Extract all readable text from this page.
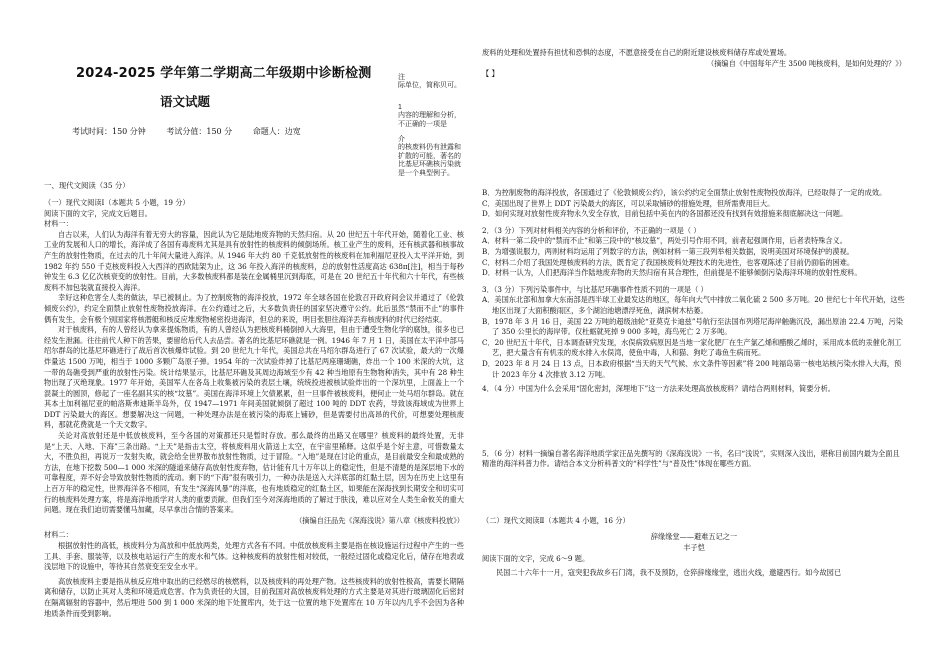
2024-2025 学年第二学期高二年级期中诊断检测
语文试题
考试时间：150 分钟	考试分值：150 分	命题人：边宽
注
际单位，简称贝可。
1
内容的理解和分析，不正确的一项是
介
的核废料仍有泄露和扩散的可能，著名的比基尼环礁核污染就是一个典型例子。

一、现代文阅读（35 分）

（一）现代文阅读Ⅰ（本题共 5 小题，19 分）

阅读下面的文字，完成文后题目。

材料一：

自古以来，人们认为海洋有着无穷大的容量，因此认为它是陆地废弃物的天然归宿。从 20 世纪五十年代开始，随着化工业、核工业的发展和人口的增长，海洋成了各国有毒废料尤其是具有放射性的核废料的倾倒场所。核工业产生的废料，还有核武器和核事故产生的放射性物质，在过去的几十年间大量进入海洋。从 1946 年大约 80 千克低放射性的核废料在加利福尼亚投入太平洋开始，到 1982 年约 550 千克核废料投入大西洋的西欧陆架为止，这 36 年投入海洋的核废料，总的放射性活度高达 638π[注]，相当于每秒钟发生 6.3 亿亿次核衰变的放射性。目前，大多数核废料都是装在金属桶里沉到海底，可是在 20 世纪五十年代和六十年代，有些核废料不加包装就直接投入海洋。

幸好这种危害全人类的做法，早已被制止。为了控制废物的海洋投放，1972 年全球各国在伦敦召开政府间会议并通过了《伦敦倾废公约》，约定全面禁止放射性废物投放海洋。在公约通过之后，大多数负责任的国家坚决遵守公约。此后虽然“禁而不止”的事件偶有发生，会有极个别国家将核潜艇和核反应堆废物秘密投进海洋，但总的来说，明目张胆往海洋丢弃核废料的时代已经结束。

对于核废料，有的人曾经认为拿来提炼物质，有的人曾经认为把核废料桶倒掉入大海里，但由于遭受生物化学的腐蚀，很多也已经发生泄漏。往往前代人种下的苦果，要留给后代人去品尝。著名的比基尼环礁就是一例。1946 年 7 月 1 日，美国在太平洋中部马绍尔群岛的比基尼环礁进行了战后首次核爆炸试验。到 20 世纪九十年代，美国总共在马绍尔群岛进行了 67 次试验，最大的一次爆炸量达 1500 万吨，相当于 1000 多颗广岛原子弹。1954 年的一次试验炸掉了比基尼两座珊瑚礁，炸出一个 100 米深的大坑，这一带的岛礁受到严重的放射性污染。统计结果显示，比基尼环礁及其周边海域至少有 42 种当地原有生物物种消失，其中有 28 种生物出现了灭绝现象。1977 年开始，美国军人在各岛上收集被污染的表层土壤，统统投进被核试验炸出的一个深坑里，上面盖上一个混凝土的圆顶，修起了一座名副其实的核“坟墓”。美国在海洋环境上欠债累累，但一旦事件被核废料，便何止一处马绍尔群岛。就在其本土加利福尼亚的帕洛斯弗迪斯半岛外，仅 1947—1971 年间美国就倾倒了超过 100 吨的 DDT 农药，导致该海域成为世界上 DDT 污染最大的海区。想要解决这一问题，一种处理办法是在被污染的海底上铺砂，但是需要付出高昂的代价，可想要处理核废料，那就花费就是一个天文数字。

关论对高放射还是中低放核废料，至今各国的对策都还只是暂时存放。那么最终的出路又在哪里？核废料的最终处置，无非是“上天、入地、下海”三条出路。“上天”是指击太空，将核废料用火箭送上太空，在宇宙里稀释。这似乎是个好主意，可惜数量太大，不胜负担，再说万一发射失败，就会给全世界散布放射性物质，过于冒险。“入地”是现在讨论的重点，是目前最安全和最成熟的方法，在地下挖数 500—1 000 米深的隧道来储存高放射性废弃物，估计能有几十万年以上的稳定性，但是不清楚的是深层地下水的可靠程度，弄不好会导致放射性物质的流动。剩下的“下海”很有吸引力，一种办法是送入大洋底部的红黏土层，因为在历史上这里有上百万年的稳定性，世界海洋各不相同，有发生“深海风暴”的洋底，也有地质稳定的红黏土区，如果能在深海找到长期安全和切实可行的核废料处理方案，将是海洋地质学对人类的重要贡献。但我们至今对深海地质的了解过于肤浅，难以应对全人类生命攸关的重大问题。现在我们迫切需要懂马加藏，尽早拿出合情的答案来。

（摘编自汪品先《深海浅说》第八章《核废料投放》）

材料二：

根据放射性的高低，核废料分为高放和中低放两类，处理方式各有不同。中低放核废料主要是指在核设施运行过程中产生的一些工具、手套、服装等，以及核电站运行产生的废水和气体。这种核废料的放射性相对较低，一般经过固化或稳定化后，储存在地表或浅层地下的设施中，等待其自然衰变至安全水平。

高放核废料主要是指从核反应堆中取出的已经燃尽的核燃料，以及核废料的再处理产物。这些核废料的放射性极高，需要长期隔离和储存，以防止其对人类和环境造成危害。作为负责任的大国，目前我国对高放核废料处理的方式主要是对其进行玻璃固化后密封在隔离辐射的容器中，然后埋进 500 到 1 000 米深的地下处置库内，处于这一位置的地下处置库在 10 万年以内几乎不会因为各种地质条件而受到影响。

废料的处理和处置持有担忧和恐惧的态度，不愿意接受在自己的附近建设核废料储存库或处置场。

（摘编自《中国每年产生 3500 吨核废料，是如何处理的？》）

【 】

B．为控制废物的海洋投放，各国通过了《伦敦倾废公约》，该公约约定全面禁止放射性废物投放海洋，已经取得了一定的成效。

C．美国出现了世界上 DDT 污染最大的海区，可以采取铺砂的措施处理，但所需费用巨大。

D．如何实现对放射性废弃物永久安全存放，目前包括中美在内的各国都还没有找到有效措施来彻底解决这一问题。

2．（3 分）下列对材料相关内容的分析和评价，不正确的一项是（ ）

A．材料一第二段中的“禁而不止”和第三段中的“核坟墓”，两处引号作用不同，前者起强调作用，后者表特殊含义。

B．为增强说服力，两则材料均运用了列数字的方法，例如材料一第三段列举相关数据，说明美国对环境保护的漠视。

C．材料二介绍了我国处理核废料的方法，既肯定了我国核废料处理技术的先进性，也客观陈述了目前仍面临的困难。

D．材料一认为，人们把海洋当作陆地废弃物的天然归宿有其合理性，但前提是不能够倾倒污染海洋环境的放射性废料。

3．（3 分）下列污染事件中，与比基尼环礁事件性质不同的一项是（ ）

A．美国东北部和加拿大东南部是西半球工业最发达的地区，每年向大气中排放二氧化硫 2 500 多万吨。20 世纪七十年代开始，这些地区出现了大面积酸雨区，多个湖泊池塘漂浮死鱼，湖滨树木枯萎。

B．1978 年 3 月 16 日，美国 22 万吨的超级油轮“亚莫克卡迪兹”号航行至法国布列塔尼海岸触礁沉没，漏出原油 22.4 万吨，污染了 350 公里长的海岸带。仅杜蛎就死掉 9 000 多吨，海鸟死亡 2 万多吨。

C．20 世纪五十年代，日本调查研究发现，水俣病致病原因是当地一家化肥厂在生产氯乙烯和醋酸乙烯时，采用成本低的汞催化剂工艺，把大量含有有机汞的废水排入水俣湾，使鱼中毒，人和猫、狗吃了毒鱼生病而死。

D．2023 年 8 月 24 日 13 点，日本政府根据“当天的天气气候、水文条件等因素”将 200 吨福岛第一核电站核污染水排入大海，预计 2023 年分 4 次排放 3.12 万吨。

4．（4 分）中国为什么会采用“固化密封，深埋地下”这一方法来处理高放核废料？请结合两则材料，简要分析。

5．（6 分）材料一摘编自著名海洋地质学家汪品先撰写的《深海浅说》一书，名曰“浅说”，实则深入浅出，堪称目前国内最为全面且精准的海洋科普力作。请结合本文分析科普文的“科学性”与“普及性”体现在哪些方面。

（二）现代文阅读Ⅱ（本题共 4 小题，16 分）

辞缘缘堂——避难五记之一

丰子恺

阅读下面的文字，完成 6～9 题。

民国二十六年十一月，寇突犯我故乡石门湾，我不及预防，仓猝辞缘缘堂，逃出火线，邀避西行。如今故园已
